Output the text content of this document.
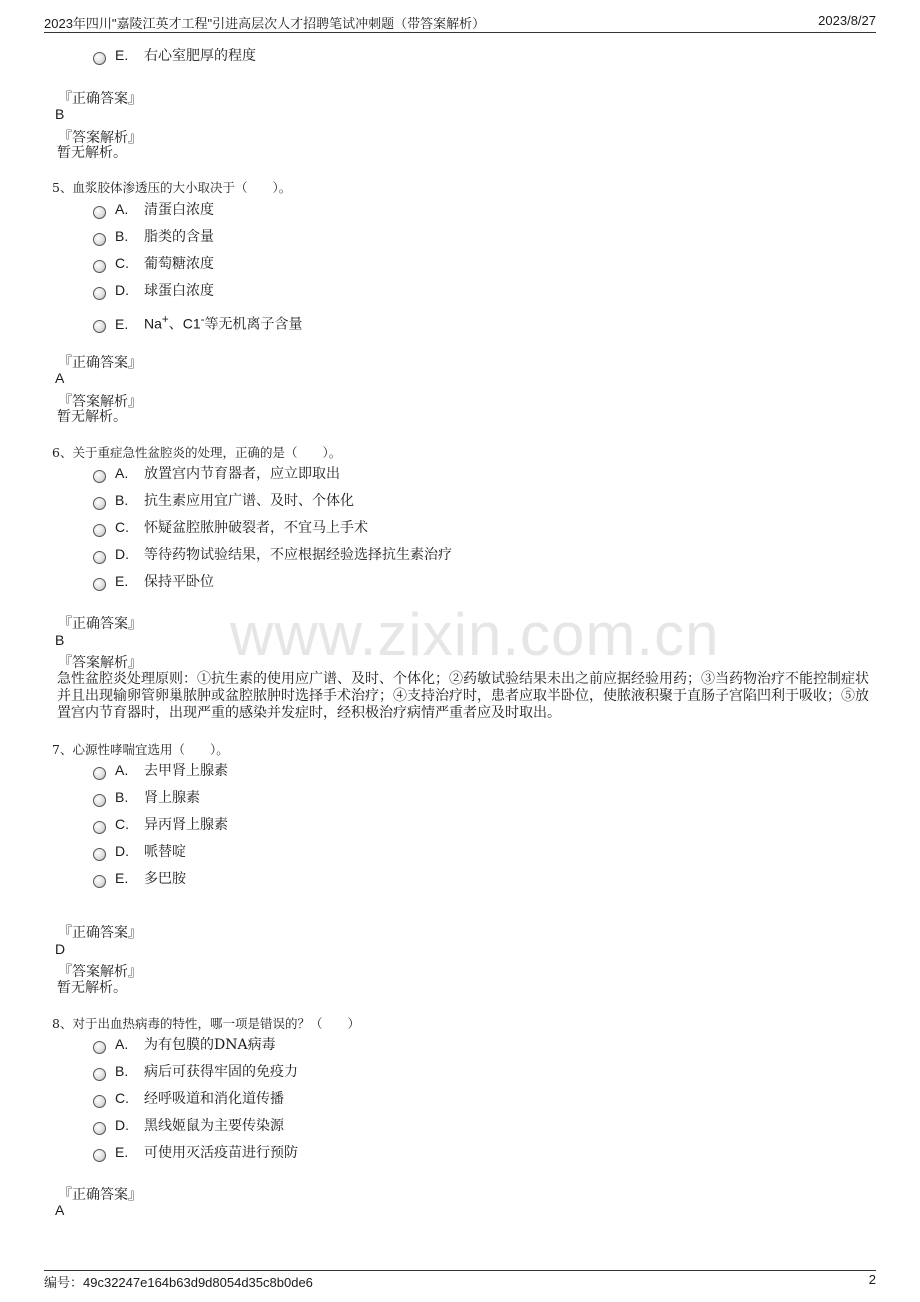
2023年四川"嘉陵江英才工程"引进高层次人才招聘笔试冲刺题（带答案解析）	2023/8/27
www.zixin.com.cn
E. 右心室肥厚的程度
『正确答案』
B
『答案解析』
暂无解析。
5、血浆胶体渗透压的大小取决于（　　）。
A. 清蛋白浓度
B. 脂类的含量
C. 葡萄糖浓度
D. 球蛋白浓度
E. Na+、C1-等无机离子含量
『正确答案』
A
『答案解析』
暂无解析。
6、关于重症急性盆腔炎的处理，正确的是（　　）。
A. 放置宫内节育器者，应立即取出
B. 抗生素应用宜广谱、及时、个体化
C. 怀疑盆腔脓肿破裂者，不宜马上手术
D. 等待药物试验结果，不应根据经验选择抗生素治疗
E. 保持平卧位
『正确答案』
B
『答案解析』
急性盆腔炎处理原则：①抗生素的使用应广谱、及时、个体化；②药敏试验结果未出之前应据经验用药；③当药物治疗不能控制症状并且出现输卵管卵巢脓肿或盆腔脓肿时选择手术治疗；④支持治疗时，患者应取半卧位，使脓液积聚于直肠子宫陷凹利于吸收；⑤放置宫内节育器时，出现严重的感染并发症时，经积极治疗病情严重者应及时取出。
7、心源性哮喘宜选用（　　）。
A. 去甲肾上腺素
B. 肾上腺素
C. 异丙肾上腺素
D. 哌替啶
E. 多巴胺
『正确答案』
D
『答案解析』
暂无解析。
8、对于出血热病毒的特性，哪一项是错误的？（　　）
A. 为有包膜的DNA病毒
B. 病后可获得牢固的免疫力
C. 经呼吸道和消化道传播
D. 黑线姬鼠为主要传染源
E. 可使用灭活疫苗进行预防
『正确答案』
A
编号：49c32247e164b63d9d8054d35c8b0de6	2
